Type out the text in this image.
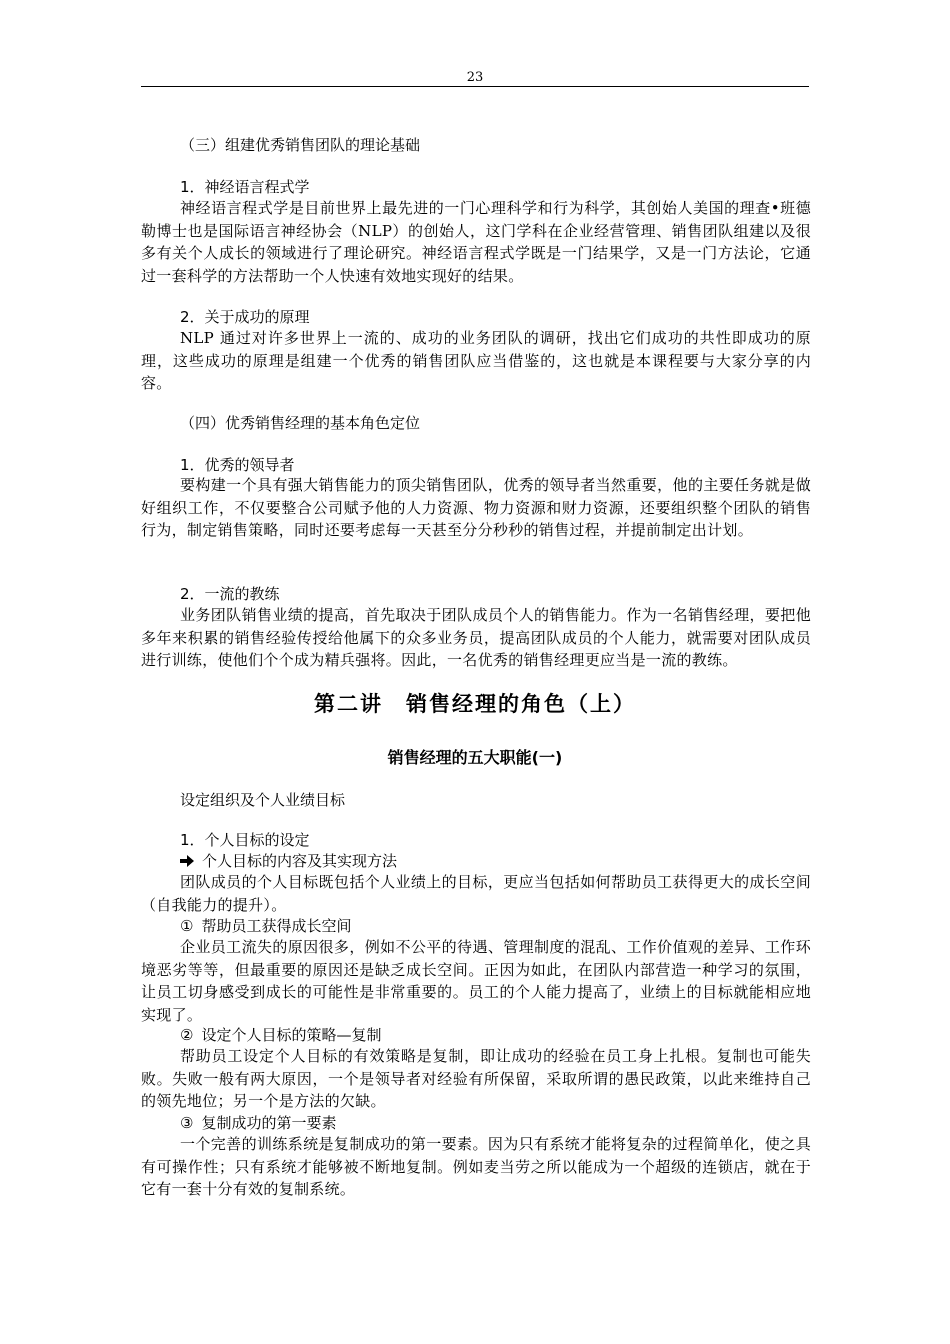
23
（三）组建优秀销售团队的理论基础
1．神经语言程式学

神经语言程式学是目前世界上最先进的一门心理科学和行为科学，其创始人美国的理查•班德勒博士也是国际语言神经协会（NLP）的创始人，这门学科在企业经营管理、销售团队组建以及很多有关个人成长的领域进行了理论研究。神经语言程式学既是一门结果学，又是一门方法论，它通过一套科学的方法帮助一个人快速有效地实现好的结果。

2．关于成功的原理

NLP 通过对许多世界上一流的、成功的业务团队的调研，找出它们成功的共性即成功的原理，这些成功的原理是组建一个优秀的销售团队应当借鉴的，这也就是本课程要与大家分享的内容。

（四）优秀销售经理的基本角色定位
1．优秀的领导者

要构建一个具有强大销售能力的顶尖销售团队，优秀的领导者当然重要，他的主要任务就是做好组织工作，不仅要整合公司赋予他的人力资源、物力资源和财力资源，还要组织整个团队的销售行为，制定销售策略，同时还要考虑每一天甚至分分秒秒的销售过程，并提前制定出计划。

2．一流的教练

业务团队销售业绩的提高，首先取决于团队成员个人的销售能力。作为一名销售经理，要把他多年来积累的销售经验传授给他属下的众多业务员，提高团队成员的个人能力，就需要对团队成员进行训练，使他们个个成为精兵强将。因此，一名优秀的销售经理更应当是一流的教练。

第二讲　销售经理的角色（上）
销售经理的五大职能(一)
设定组织及个人业绩目标
1．个人目标的设定
个人目标的内容及其实现方法

团队成员的个人目标既包括个人业绩上的目标，更应当包括如何帮助员工获得更大的成长空间（自我能力的提升）。

① 帮助员工获得成长空间

企业员工流失的原因很多，例如不公平的待遇、管理制度的混乱、工作价值观的差异、工作环境恶劣等等，但最重要的原因还是缺乏成长空间。正因为如此，在团队内部营造一种学习的氛围，让员工切身感受到成长的可能性是非常重要的。员工的个人能力提高了，业绩上的目标就能相应地实现了。

② 设定个人目标的策略—复制

帮助员工设定个人目标的有效策略是复制，即让成功的经验在员工身上扎根。复制也可能失败。失败一般有两大原因，一个是领导者对经验有所保留，采取所谓的愚民政策，以此来维持自己的领先地位；另一个是方法的欠缺。

③ 复制成功的第一要素

一个完善的训练系统是复制成功的第一要素。因为只有系统才能将复杂的过程简单化，使之具有可操作性；只有系统才能够被不断地复制。例如麦当劳之所以能成为一个超级的连锁店，就在于它有一套十分有效的复制系统。
